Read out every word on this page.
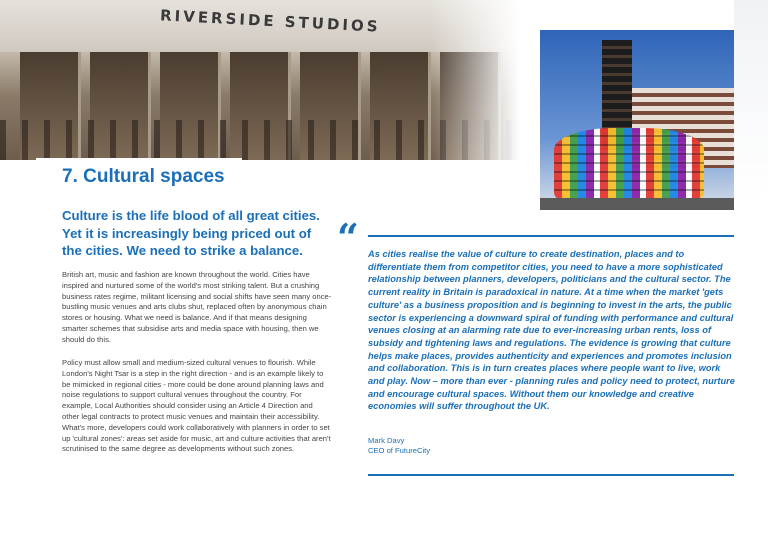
RIVERSIDE STUDIOS
7. Cultural spaces

Culture is the life blood of all great cities. Yet it is increasingly being priced out of the cities. We need to strike a balance.

British art, music and fashion are known throughout the world. Cities have inspired and nurtured some of the world's most striking talent. But a crushing business rates regime, militant licensing and social shifts have seen many once-bustling music venues and arts clubs shut, replaced often by anonymous chain stores or housing. What we need is balance. And if that means designing smarter schemes that subsidise arts and media space with housing, then we should do this.

Policy must allow small and medium-sized cultural venues to flourish. While London's Night Tsar is a step in the right direction - and is an example likely to be mimicked in regional cities - more could be done around planning laws and noise regulations to support cultural venues throughout the country. For example, Local Authorities should consider using an Article 4 Direction and other legal contracts to protect music venues and maintain their accessibility. What's more, developers could work collaboratively with planners in order to set up 'cultural zones': areas set aside for music, art and culture activities that aren't scrutinised to the same degree as developments without such zones.

“ As cities realise the value of culture to create destination, places and to differentiate them from competitor cities, you need to have a more sophisticated relationship between planners, developers, politicians and the cultural sector. The current reality in Britain is paradoxical in nature. At a time when the market 'gets culture' as a business proposition and is beginning to invest in the arts, the public sector is experiencing a downward spiral of funding with performance and cultural venues closing at an alarming rate due to ever-increasing urban rents, loss of subsidy and tightening laws and regulations. The evidence is growing that culture helps make places, provides authenticity and experiences and promotes inclusion and collaboration. This is in turn creates places where people want to live, work and play. Now – more than ever - planning rules and policy need to protect, nurture and encourage cultural spaces. Without them our knowledge and creative economies will suffer throughout the UK.

Mark Davy
CEO of FutureCity
